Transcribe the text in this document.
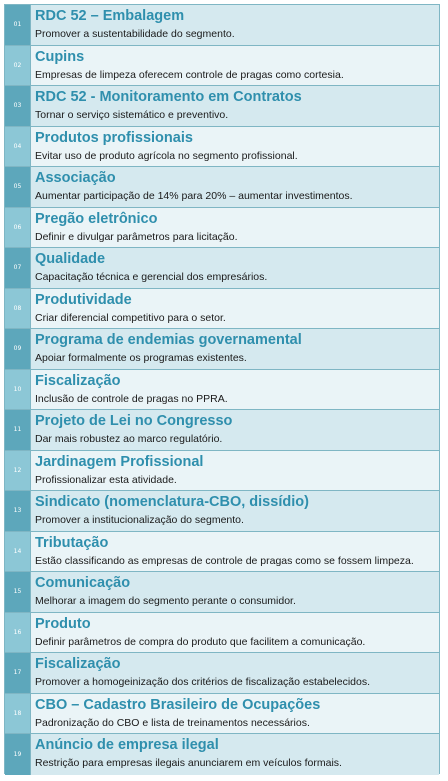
01
RDC 52 – Embalagem
Promover a sustentabilidade do segmento.
02
Cupins
Empresas de limpeza oferecem controle de pragas como cortesia.
03
RDC 52 - Monitoramento em Contratos
Tornar o serviço sistemático e preventivo.
04
Produtos profissionais
Evitar uso de produto agrícola no segmento profissional.
05
Associação
Aumentar participação de 14% para 20% – aumentar investimentos.
06
Pregão eletrônico
Definir e divulgar parâmetros para licitação.
07
Qualidade
Capacitação técnica e gerencial dos empresários.
08
Produtividade
Criar diferencial competitivo para o setor.
09
Programa de endemias governamental
Apoiar formalmente os programas existentes.
10
Fiscalização
Inclusão de controle de pragas no PPRA.
11
Projeto de Lei no Congresso
Dar mais robustez ao marco regulatório.
12
Jardinagem Profissional
Profissionalizar esta atividade.
13
Sindicato (nomenclatura-CBO, dissídio)
Promover a institucionalização do segmento.
14
Tributação
Estão classificando as empresas de controle de pragas como se fossem limpeza.
15
Comunicação
Melhorar a imagem do segmento perante o consumidor.
16
Produto
Definir parâmetros de compra do produto que facilitem a comunicação.
17
Fiscalização
Promover a homogeinização dos critérios de fiscalização estabelecidos.
18
CBO – Cadastro Brasileiro de Ocupações
Padronização do CBO e lista de treinamentos necessários.
19
Anúncio de empresa ilegal
Restrição para empresas ilegais anunciarem em veículos formais.
